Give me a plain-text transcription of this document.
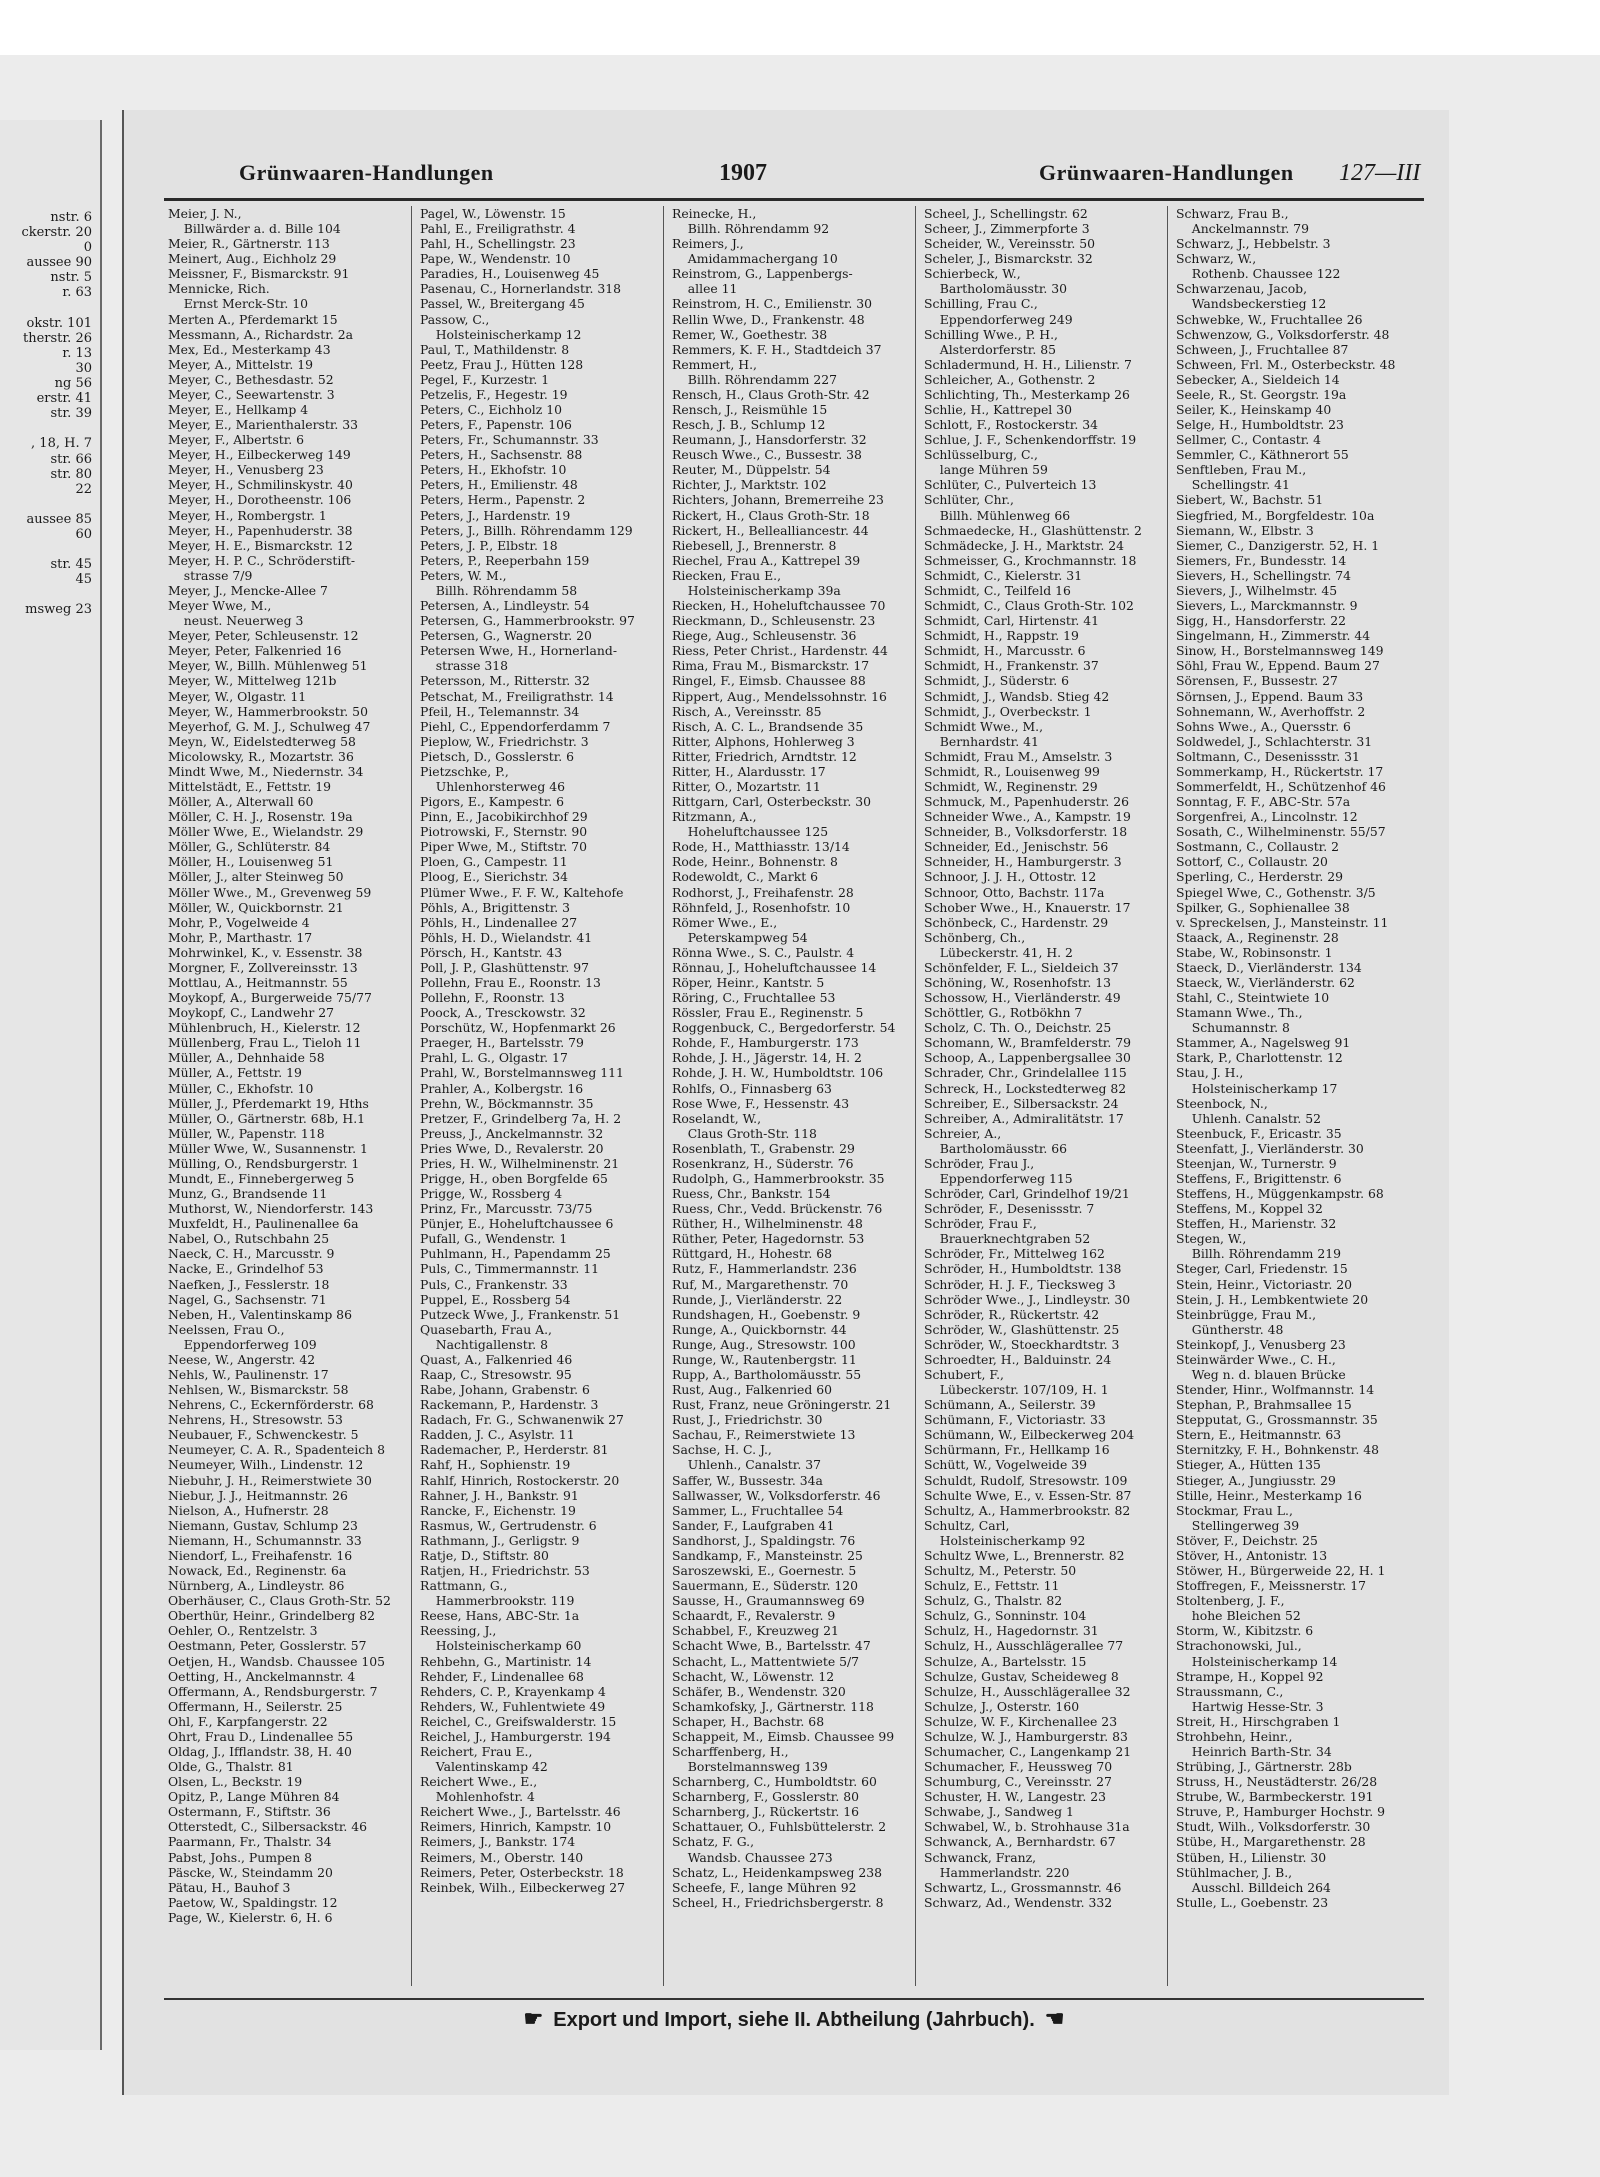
nstr. 6
ckerstr. 20
0
aussee 90
nstr. 5
r. 63

okstr. 101
therstr. 26
r. 13
30
ng 56
erstr. 41
str. 39

, 18, H. 7
str. 66
str. 80
22

aussee 85
60

str. 45
45

msweg 23
Grünwaaren-Handlungen	1907	Grünwaaren-Handlungen 127—III
Meier, J. N.,
Billwärder a. d. Bille 104
Meier, R., Gärtnerstr. 113
Meinert, Aug., Eichholz 29
Meissner, F., Bismarckstr. 91
Mennicke, Rich.
Ernst Merck-Str. 10
Merten A., Pferdemarkt 15
Messmann, A., Richardstr. 2a
Mex, Ed., Mesterkamp 43
Meyer, A., Mittelstr. 19
Meyer, C., Bethesdastr. 52
Meyer, C., Seewartenstr. 3
Meyer, E., Hellkamp 4
Meyer, E., Marienthalerstr. 33
Meyer, F., Albertstr. 6
Meyer, H., Eilbeckerweg 149
Meyer, H., Venusberg 23
Meyer, H., Schmilinskystr. 40
Meyer, H., Dorotheenstr. 106
Meyer, H., Rombergstr. 1
Meyer, H., Papenhuderstr. 38
Meyer, H. E., Bismarckstr. 12
Meyer, H. P. C., Schröderstift-
strasse 7/9
Meyer, J., Mencke-Allee 7
Meyer Wwe, M.,
neust. Neuerweg 3
Meyer, Peter, Schleusenstr. 12
Meyer, Peter, Falkenried 16
Meyer, W., Billh. Mühlenweg 51
Meyer, W., Mittelweg 121b
Meyer, W., Olgastr. 11
Meyer, W., Hammerbrookstr. 50
Meyerhof, G. M. J., Schulweg 47
Meyn, W., Eidelstedterweg 58
Micolowsky, R., Mozartstr. 36
Mindt Wwe, M., Niedernstr. 34
Mittelstädt, E., Fettstr. 19
Möller, A., Alterwall 60
Möller, C. H. J., Rosenstr. 19a
Möller Wwe, E., Wielandstr. 29
Möller, G., Schlüterstr. 84
Möller, H., Louisenweg 51
Möller, J., alter Steinweg 50
Möller Wwe., M., Grevenweg 59
Möller, W., Quickbornstr. 21
Mohr, P., Vogelweide 4
Mohr, P., Marthastr. 17
Mohrwinkel, K., v. Essenstr. 38
Morgner, F., Zollvereinsstr. 13
Mottlau, A., Heitmannstr. 55
Moykopf, A., Burgerweide 75/77
Moykopf, C., Landwehr 27
Mühlenbruch, H., Kielerstr. 12
Müllenberg, Frau L., Tieloh 11
Müller, A., Dehnhaide 58
Müller, A., Fettstr. 19
Müller, C., Ekhofstr. 10
Müller, J., Pferdemarkt 19, Hths
Müller, O., Gärtnerstr. 68b, H.1
Müller, W., Papenstr. 118
Müller Wwe, W., Susannenstr. 1
Mülling, O., Rendsburgerstr. 1
Mundt, E., Finnebergerweg 5
Munz, G., Brandsende 11
Muthorst, W., Niendorferstr. 143
Muxfeldt, H., Paulinenallee 6a
Nabel, O., Rutschbahn 25
Naeck, C. H., Marcusstr. 9
Nacke, E., Grindelhof 53
Naefken, J., Fesslerstr. 18
Nagel, G., Sachsenstr. 71
Neben, H., Valentinskamp 86
Neelssen, Frau O.,
Eppendorferweg 109
Neese, W., Angerstr. 42
Nehls, W., Paulinenstr. 17
Nehlsen, W., Bismarckstr. 58
Nehrens, C., Eckernförderstr. 68
Nehrens, H., Stresowstr. 53
Neubauer, F., Schwenckestr. 5
Neumeyer, C. A. R., Spadenteich 8
Neumeyer, Wilh., Lindenstr. 12
Niebuhr, J. H., Reimerstwiete 30
Niebur, J. J., Heitmannstr. 26
Nielson, A., Hufnerstr. 28
Niemann, Gustav, Schlump 23
Niemann, H., Schumannstr. 33
Niendorf, L., Freihafenstr. 16
Nowack, Ed., Reginenstr. 6a
Nürnberg, A., Lindleystr. 86
Oberhäuser, C., Claus Groth-Str. 52
Oberthür, Heinr., Grindelberg 82
Oehler, O., Rentzelstr. 3
Oestmann, Peter, Gosslerstr. 57
Oetjen, H., Wandsb. Chaussee 105
Oetting, H., Anckelmannstr. 4
Offermann, A., Rendsburgerstr. 7
Offermann, H., Seilerstr. 25
Ohl, F., Karpfangerstr. 22
Ohrt, Frau D., Lindenallee 55
Oldag, J., Ifflandstr. 38, H. 40
Olde, G., Thalstr. 81
Olsen, L., Beckstr. 19
Opitz, P., Lange Mühren 84
Ostermann, F., Stiftstr. 36
Otterstedt, C., Silbersackstr. 46
Paarmann, Fr., Thalstr. 34
Pabst, Johs., Pumpen 8
Päscke, W., Steindamm 20
Pätau, H., Bauhof 3
Paetow, W., Spaldingstr. 12
Page, W., Kielerstr. 6, H. 6
Pagel, W., Löwenstr. 15
Pahl, E., Freiligrathstr. 4
Pahl, H., Schellingstr. 23
Pape, W., Wendenstr. 10
Paradies, H., Louisenweg 45
Pasenau, C., Hornerlandstr. 318
Passel, W., Breitergang 45
Passow, C.,
Holsteinischerkamp 12
Paul, T., Mathildenstr. 8
Peetz, Frau J., Hütten 128
Pegel, F., Kurzestr. 1
Petzelis, F., Hegestr. 19
Peters, C., Eichholz 10
Peters, F., Papenstr. 106
Peters, Fr., Schumannstr. 33
Peters, H., Sachsenstr. 88
Peters, H., Ekhofstr. 10
Peters, H., Emilienstr. 48
Peters, Herm., Papenstr. 2
Peters, J., Hardenstr. 19
Peters, J., Billh. Röhrendamm 129
Peters, J. P., Elbstr. 18
Peters, P., Reeperbahn 159
Peters, W. M.,
Billh. Röhrendamm 58
Petersen, A., Lindleystr. 54
Petersen, G., Hammerbrookstr. 97
Petersen, G., Wagnerstr. 20
Petersen Wwe, H., Hornerland-
strasse 318
Petersson, M., Ritterstr. 32
Petschat, M., Freiligrathstr. 14
Pfeil, H., Telemannstr. 34
Piehl, C., Eppendorferdamm 7
Pieplow, W., Friedrichstr. 3
Pietsch, D., Gosslerstr. 6
Pietzschke, P.,
Uhlenhorsterweg 46
Pigors, E., Kampestr. 6
Pinn, E., Jacobikirchhof 29
Piotrowski, F., Sternstr. 90
Piper Wwe, M., Stiftstr. 70
Ploen, G., Campestr. 11
Ploog, E., Sierichstr. 34
Plümer Wwe., F. F. W., Kaltehofe
Pöhls, A., Brigittenstr. 3
Pöhls, H., Lindenallee 27
Pöhls, H. D., Wielandstr. 41
Pörsch, H., Kantstr. 43
Poll, J. P., Glashüttenstr. 97
Pollehn, Frau E., Roonstr. 13
Pollehn, F., Roonstr. 13
Poock, A., Tresckowstr. 32
Porschütz, W., Hopfenmarkt 26
Praeger, H., Bartelsstr. 79
Prahl, L. G., Olgastr. 17
Prahl, W., Borstelmannsweg 111
Prahler, A., Kolbergstr. 16
Prehn, W., Böckmannstr. 35
Pretzer, F., Grindelberg 7a, H. 2
Preuss, J., Anckelmannstr. 32
Pries Wwe, D., Revalerstr. 20
Pries, H. W., Wilhelminenstr. 21
Prigge, H., oben Borgfelde 65
Prigge, W., Rossberg 4
Prinz, Fr., Marcusstr. 73/75
Pünjer, E., Hoheluftchaussee 6
Pufall, G., Wendenstr. 1
Puhlmann, H., Papendamm 25
Puls, C., Timmermannstr. 11
Puls, C., Frankenstr. 33
Puppel, E., Rossberg 54
Putzeck Wwe, J., Frankenstr. 51
Quasebarth, Frau A.,
Nachtigallenstr. 8
Quast, A., Falkenried 46
Raap, C., Stresowstr. 95
Rabe, Johann, Grabenstr. 6
Rackemann, P., Hardenstr. 3
Radach, Fr. G., Schwanenwik 27
Radden, J. C., Asylstr. 11
Rademacher, P., Herderstr. 81
Rahf, H., Sophienstr. 19
Rahlf, Hinrich, Rostockerstr. 20
Rahner, J. H., Bankstr. 91
Rancke, F., Eichenstr. 19
Rasmus, W., Gertrudenstr. 6
Rathmann, J., Gerligstr. 9
Ratje, D., Stiftstr. 80
Ratjen, H., Friedrichstr. 53
Rattmann, G.,
Hammerbrookstr. 119
Reese, Hans, ABC-Str. 1a
Reessing, J.,
Holsteinischerkamp 60
Rehbehn, G., Martinistr. 14
Rehder, F., Lindenallee 68
Rehders, C. P., Krayenkamp 4
Rehders, W., Fuhlentwiete 49
Reichel, C., Greifswalderstr. 15
Reichel, J., Hamburgerstr. 194
Reichert, Frau E.,
Valentinskamp 42
Reichert Wwe., E.,
Mohlenhofstr. 4
Reichert Wwe., J., Bartelsstr. 46
Reimers, Hinrich, Kampstr. 10
Reimers, J., Bankstr. 174
Reimers, M., Oberstr. 140
Reimers, Peter, Osterbeckstr. 18
Reinbek, Wilh., Eilbeckerweg 27
Reinecke, H.,
Billh. Röhrendamm 92
Reimers, J.,
Amidammachergang 10
Reinstrom, G., Lappenbergs-
allee 11
Reinstrom, H. C., Emilienstr. 30
Rellin Wwe, D., Frankenstr. 48
Remer, W., Goethestr. 38
Remmers, K. F. H., Stadtdeich 37
Remmert, H.,
Billh. Röhrendamm 227
Rensch, H., Claus Groth-Str. 42
Rensch, J., Reismühle 15
Resch, J. B., Schlump 12
Reumann, J., Hansdorferstr. 32
Reusch Wwe., C., Bussestr. 38
Reuter, M., Düppelstr. 54
Richter, J., Marktstr. 102
Richters, Johann, Bremerreihe 23
Rickert, H., Claus Groth-Str. 18
Rickert, H., Bellealliancestr. 44
Riebesell, J., Brennerstr. 8
Riechel, Frau A., Kattrepel 39
Riecken, Frau E.,
Holsteinischerkamp 39a
Riecken, H., Hoheluftchaussee 70
Rieckmann, D., Schleusenstr. 23
Riege, Aug., Schleusenstr. 36
Riess, Peter Christ., Hardenstr. 44
Rima, Frau M., Bismarckstr. 17
Ringel, F., Eimsb. Chaussee 88
Rippert, Aug., Mendelssohnstr. 16
Risch, A., Vereinsstr. 85
Risch, A. C. L., Brandsende 35
Ritter, Alphons, Hohlerweg 3
Ritter, Friedrich, Arndtstr. 12
Ritter, H., Alardusstr. 17
Ritter, O., Mozartstr. 11
Rittgarn, Carl, Osterbeckstr. 30
Ritzmann, A.,
Hoheluftchaussee 125
Rode, H., Matthiasstr. 13/14
Rode, Heinr., Bohnenstr. 8
Rodewoldt, C., Markt 6
Rodhorst, J., Freihafenstr. 28
Röhnfeld, J., Rosenhofstr. 10
Römer Wwe., E.,
Peterskampweg 54
Rönna Wwe., S. C., Paulstr. 4
Rönnau, J., Hoheluftchaussee 14
Röper, Heinr., Kantstr. 5
Röring, C., Fruchtallee 53
Rössler, Frau E., Reginenstr. 5
Roggenbuck, C., Bergedorferstr. 54
Rohde, F., Hamburgerstr. 173
Rohde, J. H., Jägerstr. 14, H. 2
Rohde, J. H. W., Humboldtstr. 106
Rohlfs, O., Finnasberg 63
Rose Wwe, F., Hessenstr. 43
Roselandt, W.,
Claus Groth-Str. 118
Rosenblath, T., Grabenstr. 29
Rosenkranz, H., Süderstr. 76
Rudolph, G., Hammerbrookstr. 35
Ruess, Chr., Bankstr. 154
Ruess, Chr., Vedd. Brückenstr. 76
Rüther, H., Wilhelminenstr. 48
Rüther, Peter, Hagedornstr. 53
Rüttgard, H., Hohestr. 68
Rutz, F., Hammerlandstr. 236
Ruf, M., Margarethenstr. 70
Runde, J., Vierländerstr. 22
Rundshagen, H., Goebenstr. 9
Runge, A., Quickbornstr. 44
Runge, Aug., Stresowstr. 100
Runge, W., Rautenbergstr. 11
Rupp, A., Bartholomäusstr. 55
Rust, Aug., Falkenried 60
Rust, Franz, neue Gröningerstr. 21
Rust, J., Friedrichstr. 30
Sachau, F., Reimerstwiete 13
Sachse, H. C. J.,
Uhlenh., Canalstr. 37
Saffer, W., Bussestr. 34a
Sallwasser, W., Volksdorferstr. 46
Sammer, L., Fruchtallee 54
Sander, F., Laufgraben 41
Sandhorst, J., Spaldingstr. 76
Sandkamp, F., Mansteinstr. 25
Saroszewski, E., Goernestr. 5
Sauermann, E., Süderstr. 120
Sausse, H., Graumannsweg 69
Schaardt, F., Revalerstr. 9
Schabbel, F., Kreuzweg 21
Schacht Wwe, B., Bartelsstr. 47
Schacht, L., Mattentwiete 5/7
Schacht, W., Löwenstr. 12
Schäfer, B., Wendenstr. 320
Schamkofsky, J., Gärtnerstr. 118
Schaper, H., Bachstr. 68
Schappeit, M., Eimsb. Chaussee 99
Scharffenberg, H.,
Borstelmannsweg 139
Scharnberg, C., Humboldtstr. 60
Scharnberg, F., Gosslerstr. 80
Scharnberg, J., Rückertstr. 16
Schattauer, O., Fuhlsbüttelerstr. 2
Schatz, F. G.,
Wandsb. Chaussee 273
Schatz, L., Heidenkampsweg 238
Scheefe, F., lange Mühren 92
Scheel, H., Friedrichsbergerstr. 8
Scheel, J., Schellingstr. 62
Scheer, J., Zimmerpforte 3
Scheider, W., Vereinsstr. 50
Scheler, J., Bismarckstr. 32
Schierbeck, W.,
Bartholomäusstr. 30
Schilling, Frau C.,
Eppendorferweg 249
Schilling Wwe., P. H.,
Alsterdorferstr. 85
Schladermund, H. H., Lilienstr. 7
Schleicher, A., Gothenstr. 2
Schlichting, Th., Mesterkamp 26
Schlie, H., Kattrepel 30
Schlott, F., Rostockerstr. 34
Schlue, J. F., Schenkendorffstr. 19
Schlüsselburg, C.,
lange Mühren 59
Schlüter, C., Pulverteich 13
Schlüter, Chr.,
Billh. Mühlenweg 66
Schmaedecke, H., Glashüttenstr. 2
Schmädecke, J. H., Marktstr. 24
Schmeisser, G., Krochmannstr. 18
Schmidt, C., Kielerstr. 31
Schmidt, C., Teilfeld 16
Schmidt, C., Claus Groth-Str. 102
Schmidt, Carl, Hirtenstr. 41
Schmidt, H., Rappstr. 19
Schmidt, H., Marcusstr. 6
Schmidt, H., Frankenstr. 37
Schmidt, J., Süderstr. 6
Schmidt, J., Wandsb. Stieg 42
Schmidt, J., Overbeckstr. 1
Schmidt Wwe., M.,
Bernhardstr. 41
Schmidt, Frau M., Amselstr. 3
Schmidt, R., Louisenweg 99
Schmidt, W., Reginenstr. 29
Schmuck, M., Papenhuderstr. 26
Schneider Wwe., A., Kampstr. 19
Schneider, B., Volksdorferstr. 18
Schneider, Ed., Jenischstr. 56
Schneider, H., Hamburgerstr. 3
Schnoor, J. J. H., Ottostr. 12
Schnoor, Otto, Bachstr. 117a
Schober Wwe., H., Knauerstr. 17
Schönbeck, C., Hardenstr. 29
Schönberg, Ch.,
Lübeckerstr. 41, H. 2
Schönfelder, F. L., Sieldeich 37
Schöning, W., Rosenhofstr. 13
Schossow, H., Vierländerstr. 49
Schöttler, G., Rotbökhn 7
Scholz, C. Th. O., Deichstr. 25
Schomann, W., Bramfelderstr. 79
Schoop, A., Lappenbergsallee 30
Schrader, Chr., Grindelallee 115
Schreck, H., Lockstedterweg 82
Schreiber, E., Silbersackstr. 24
Schreiber, A., Admiralitätstr. 17
Schreier, A.,
Bartholomäusstr. 66
Schröder, Frau J.,
Eppendorferweg 115
Schröder, Carl, Grindelhof 19/21
Schröder, F., Desenissstr. 7
Schröder, Frau F.,
Brauerknechtgraben 52
Schröder, Fr., Mittelweg 162
Schröder, H., Humboldtstr. 138
Schröder, H. J. F., Tiecksweg 3
Schröder Wwe., J., Lindleystr. 30
Schröder, R., Rückertstr. 42
Schröder, W., Glashüttenstr. 25
Schröder, W., Stoeckhardtstr. 3
Schroedter, H., Balduinstr. 24
Schubert, F.,
Lübeckerstr. 107/109, H. 1
Schümann, A., Seilerstr. 39
Schümann, F., Victoriastr. 33
Schümann, W., Eilbeckerweg 204
Schürmann, Fr., Hellkamp 16
Schütt, W., Vogelweide 39
Schuldt, Rudolf, Stresowstr. 109
Schulte Wwe, E., v. Essen-Str. 87
Schultz, A., Hammerbrookstr. 82
Schultz, Carl,
Holsteinischerkamp 92
Schultz Wwe, L., Brennerstr. 82
Schultz, M., Peterstr. 50
Schulz, E., Fettstr. 11
Schulz, G., Thalstr. 82
Schulz, G., Sonninstr. 104
Schulz, H., Hagedornstr. 31
Schulz, H., Ausschlägerallee 77
Schulze, A., Bartelsstr. 15
Schulze, Gustav, Scheideweg 8
Schulze, H., Ausschlägerallee 32
Schulze, J., Osterstr. 160
Schulze, W. F., Kirchenallee 23
Schulze, W. J., Hamburgerstr. 83
Schumacher, C., Langenkamp 21
Schumacher, F., Heussweg 70
Schumburg, C., Vereinsstr. 27
Schuster, H. W., Langestr. 23
Schwabe, J., Sandweg 1
Schwabel, W., b. Strohhause 31a
Schwanck, A., Bernhardstr. 67
Schwanck, Franz,
Hammerlandstr. 220
Schwartz, L., Grossmannstr. 46
Schwarz, Ad., Wendenstr. 332
Schwarz, Frau B.,
Anckelmannstr. 79
Schwarz, J., Hebbelstr. 3
Schwarz, W.,
Rothenb. Chaussee 122
Schwarzenau, Jacob,
Wandsbeckerstieg 12
Schwebke, W., Fruchtallee 26
Schwenzow, G., Volksdorferstr. 48
Schween, J., Fruchtallee 87
Schween, Frl. M., Osterbeckstr. 48
Sebecker, A., Sieldeich 14
Seele, R., St. Georgstr. 19a
Seiler, K., Heinskamp 40
Selge, H., Humboldtstr. 23
Sellmer, C., Contastr. 4
Semmler, C., Käthnerort 55
Senftleben, Frau M.,
Schellingstr. 41
Siebert, W., Bachstr. 51
Siegfried, M., Borgfeldestr. 10a
Siemann, W., Elbstr. 3
Siemer, C., Danzigerstr. 52, H. 1
Siemers, Fr., Bundesstr. 14
Sievers, H., Schellingstr. 74
Sievers, J., Wilhelmstr. 45
Sievers, L., Marckmannstr. 9
Sigg, H., Hansdorferstr. 22
Singelmann, H., Zimmerstr. 44
Sinow, H., Borstelmannsweg 149
Söhl, Frau W., Eppend. Baum 27
Sörensen, F., Bussestr. 27
Sörnsen, J., Eppend. Baum 33
Sohnemann, W., Averhoffstr. 2
Sohns Wwe., A., Quersstr. 6
Soldwedel, J., Schlachterstr. 31
Soltmann, C., Desenissstr. 31
Sommerkamp, H., Rückertstr. 17
Sommerfeldt, H., Schützenhof 46
Sonntag, F. F., ABC-Str. 57a
Sorgenfrei, A., Lincolnstr. 12
Sosath, C., Wilhelminenstr. 55/57
Sostmann, C., Collaustr. 2
Sottorf, C., Collaustr. 20
Sperling, C., Herderstr. 29
Spiegel Wwe, C., Gothenstr. 3/5
Spilker, G., Sophienallee 38
v. Spreckelsen, J., Mansteinstr. 11
Staack, A., Reginenstr. 28
Stabe, W., Robinsonstr. 1
Staeck, D., Vierländerstr. 134
Staeck, W., Vierländerstr. 62
Stahl, C., Steintwiete 10
Stamann Wwe., Th.,
Schumannstr. 8
Stammer, A., Nagelsweg 91
Stark, P., Charlottenstr. 12
Stau, J. H.,
Holsteinischerkamp 17
Steenbock, N.,
Uhlenh. Canalstr. 52
Steenbuck, F., Ericastr. 35
Steenfatt, J., Vierländerstr. 30
Steenjan, W., Turnerstr. 9
Steffens, F., Brigittenstr. 6
Steffens, H., Müggenkampstr. 68
Steffens, M., Koppel 32
Steffen, H., Marienstr. 32
Stegen, W.,
Billh. Röhrendamm 219
Steger, Carl, Friedenstr. 15
Stein, Heinr., Victoriastr. 20
Stein, J. H., Lembkentwiete 20
Steinbrügge, Frau M.,
Güntherstr. 48
Steinkopf, J., Venusberg 23
Steinwärder Wwe., C. H.,
Weg n. d. blauen Brücke
Stender, Hinr., Wolfmannstr. 14
Stephan, P., Brahmsallee 15
Stepputat, G., Grossmannstr. 35
Stern, E., Heitmannstr. 63
Sternitzky, F. H., Bohnkenstr. 48
Stieger, A., Hütten 135
Stieger, A., Jungiusstr. 29
Stille, Heinr., Mesterkamp 16
Stockmar, Frau L.,
Stellingerweg 39
Stöver, F., Deichstr. 25
Stöver, H., Antonistr. 13
Stöwer, H., Bürgerweide 22, H. 1
Stoffregen, F., Meissnerstr. 17
Stoltenberg, J. F.,
hohe Bleichen 52
Storm, W., Kibitzstr. 6
Strachonowski, Jul.,
Holsteinischerkamp 14
Strampe, H., Koppel 92
Straussmann, C.,
Hartwig Hesse-Str. 3
Streit, H., Hirschgraben 1
Strohbehn, Heinr.,
Heinrich Barth-Str. 34
Strübing, J., Gärtnerstr. 28b
Struss, H., Neustädterstr. 26/28
Strube, W., Barmbeckerstr. 191
Struve, P., Hamburger Hochstr. 9
Studt, Wilh., Volksdorferstr. 30
Stübe, H., Margarethenstr. 28
Stüben, H., Lilienstr. 30
Stühlmacher, J. B.,
Ausschl. Billdeich 264
Stulle, L., Goebenstr. 23
☛ Export und Import, siehe II. Abtheilung (Jahrbuch). ☚
